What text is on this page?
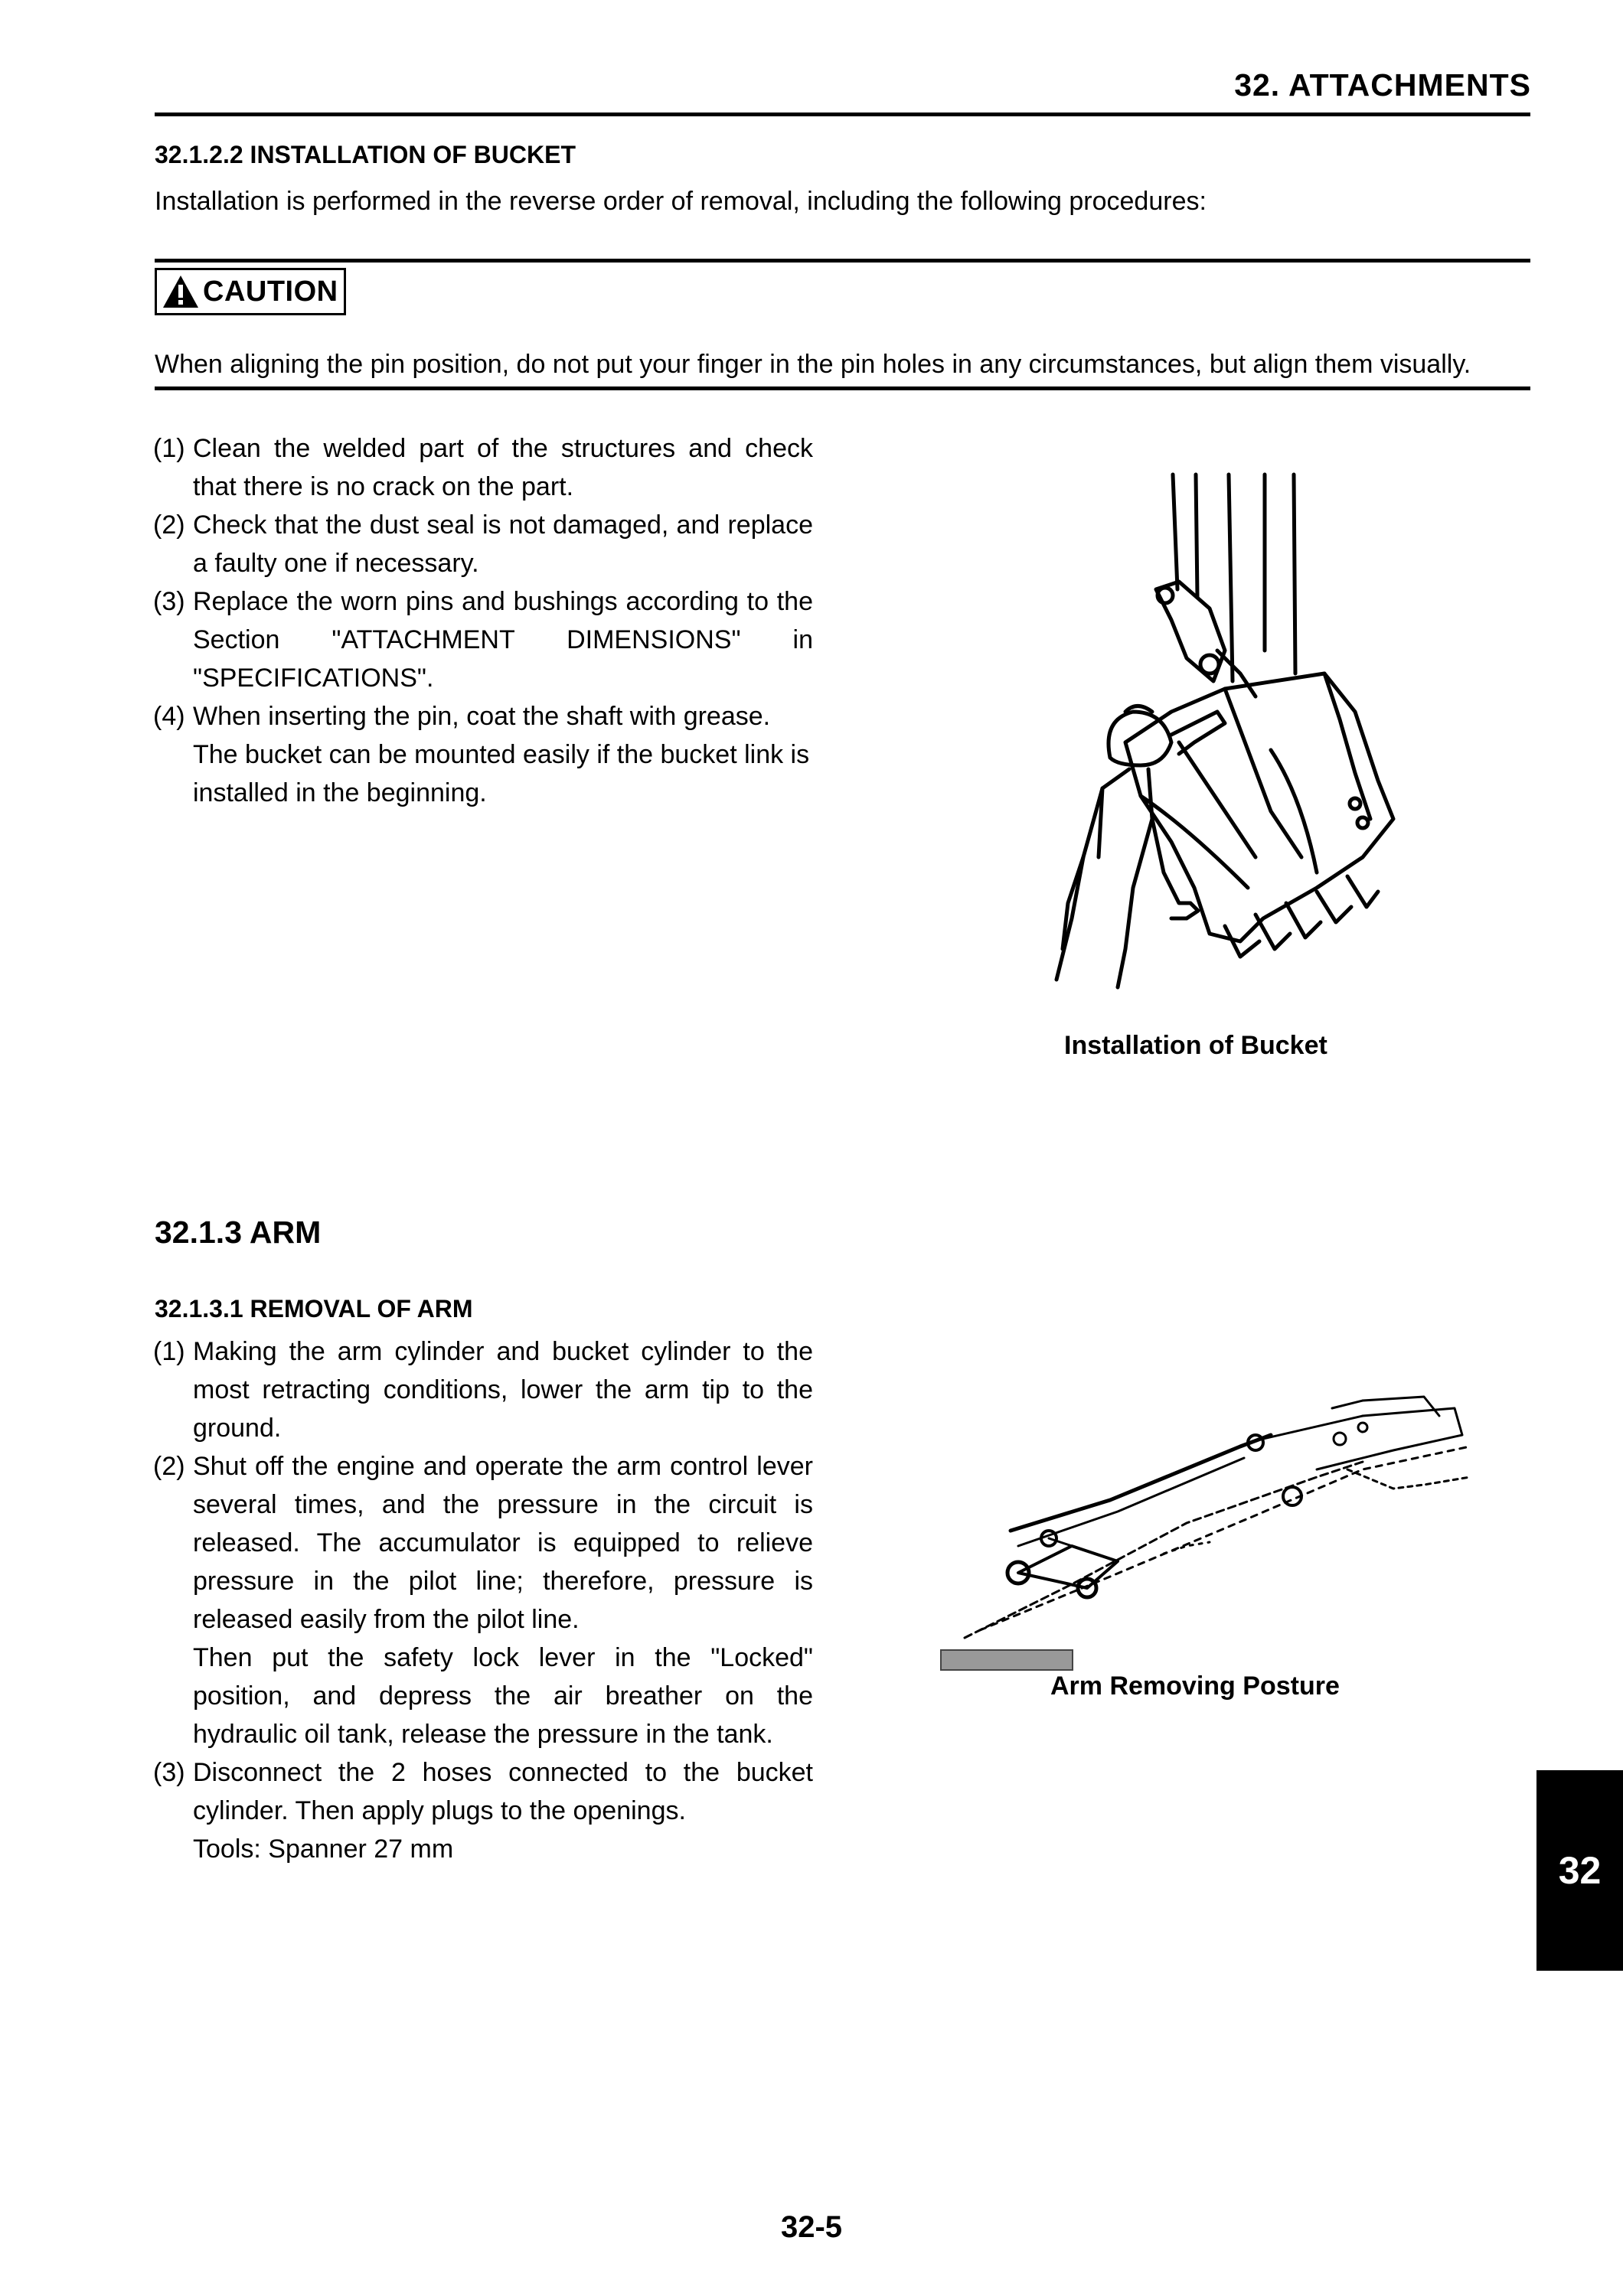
32. ATTACHMENTS
32.1.2.2 INSTALLATION OF BUCKET
Installation is performed in the reverse order of removal, including the following procedures:
CAUTION
When aligning the pin position, do not put your finger in the pin holes in any circumstances, but align them visually.
(1) Clean the welded part of the structures and check that there is no crack on the part.
(2) Check that the dust seal is not damaged, and replace a faulty one if necessary.
(3) Replace the worn pins and bushings according to the Section "ATTACHMENT DIMENSIONS" in "SPECIFICATIONS".
(4) When inserting the pin, coat the shaft with grease.
The bucket can be mounted easily if the bucket link is installed in the beginning.
Installation of Bucket
32.1.3 ARM
32.1.3.1 REMOVAL OF ARM
(1) Making the arm cylinder and bucket cylinder to the most retracting conditions, lower the arm tip to the ground.
(2) Shut off the engine and operate the arm control lever several times, and the pressure in the circuit is released. The accumulator is equipped to relieve pressure in the pilot line; therefore, pressure is released easily from the pilot line.
Then put the safety lock lever in the "Locked" position, and depress the air breather on the hydraulic oil tank, release the pressure in the tank.
(3) Disconnect the 2 hoses connected to the bucket cylinder. Then apply plugs to the openings.
Tools: Spanner 27 mm
Arm Removing Posture
32
32-5
